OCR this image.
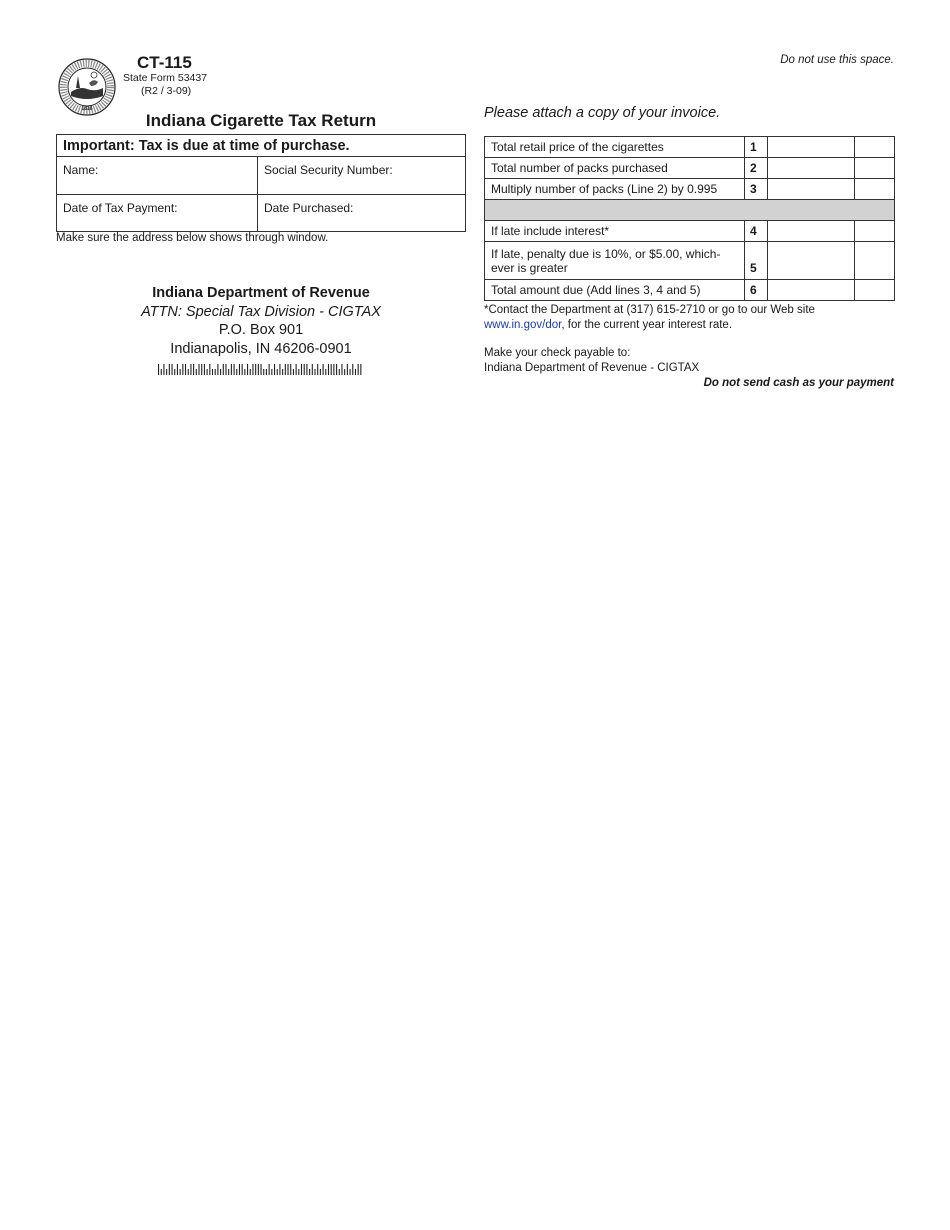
1816
CT-115
State Form 53437
(R2 / 3-09)
Indiana Cigarette Tax Return
Important: Tax is due at time of purchase.
Name:	Social Security Number:
Date of Tax Payment:	Date Purchased:
Make sure the address below shows through window.
Indiana Department of Revenue
ATTN: Special Tax Division - CIGTAX
P.O. Box 901
Indianapolis, IN 46206-0901
Do not use this space.
Please attach a copy of your invoice.
Total retail price of the cigarettes	1		
Total number of packs purchased	2		
Multiply number of packs (Line 2) by 0.995	3		

If late include interest*	4		
If late, penalty due is 10%, or $5.00, which-ever is greater	5		
Total amount due (Add lines 3, 4 and 5)	6		
*Contact the Department at (317) 615-2710 or go to our Web site
www.in.gov/dor, for the current year interest rate.
Make your check payable to:
Indiana Department of Revenue - CIGTAX
Do not send cash as your payment
